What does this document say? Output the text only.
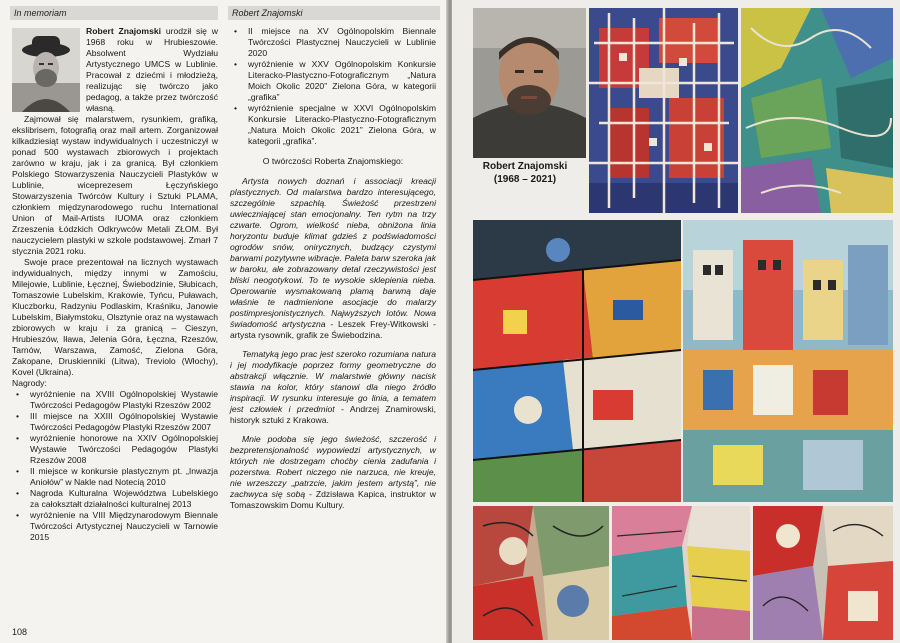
In memoriam	Robert Znajomski

Robert Znajomski urodził się w 1968 roku w Hrubieszowie. Absolwent Wydziału Artystycznego UMCS w Lublinie. Pracował z dziećmi i młodzieżą, realizując się twórczo jako pedagog, a także przez twórczość własną.

Zajmował się malarstwem, rysunkiem, grafiką, ekslibrisem, fotografią oraz mail artem. Zorganizował kilkadziesiąt wystaw indywidualnych i uczestniczył w ponad 500 wystawach zbiorowych i projektach zarówno w kraju, jak i za granicą. Był członkiem Polskiego Stowarzyszenia Nauczycieli Plastyków w Lublinie, wiceprezesem Łęczyńskiego Stowarzyszenia Twórców Kultury i Sztuki PLAMA, członkiem międzynarodowego ruchu International Union of Mail-Artists IUOMA oraz członkiem Zrzeszenia Łódzkich Odkrywców Metali ZŁOM. Był nauczycielem plastyki w szkole podstawowej. Zmarł 7 stycznia 2021 roku.

Swoje prace prezentował na licznych wystawach indywidualnych, między innymi w Zamościu, Milejowie, Lublinie, Łęcznej, Świebodzinie, Słubicach, Tomaszowie Lubelskim, Krakowie, Tyńcu, Puławach, Kluczborku, Radzyniu Podlaskim, Kraśniku, Janowie Lubelskim, Białymstoku, Olsztynie oraz na wystawach zbiorowych w kraju i za granicą – Cieszyn, Hrubieszów, Iława, Jelenia Góra, Łęczna, Rzeszów, Tarnów, Warszawa, Zamość, Zielona Góra, Zakopane, Druskienniki (Litwa), Treviolo (Włochy), Kovel (Ukraina).

Nagrody:

• wyróżnienie na XVIII Ogólnopolskiej Wystawie Twórczości Pedagogów Plastyki Rzeszów 2002
• III miejsce na XXIII Ogólnopolskiej Wystawie Twórczości Pedagogów Plastyki Rzeszów 2007
• wyróżnienie honorowe na XXIV Ogólnopolskiej Wystawie Twórczości Pedagogów Plastyki Rzeszów 2008
• II miejsce w konkursie plastycznym pt. „Inwazja Aniołów” w Nakle nad Notecią 2010
• Nagroda Kulturalna Województwa Lubelskiego za całokształt działalności kulturalnej 2013
• wyróżnienie na VIII Międzynarodowym Biennale Twórczości Artystycznej Nauczycieli w Tarnowie 2015
• II miejsce na XV Ogólnopolskim Biennale Twórczości Plastycznej Nauczycieli w Lublinie 2020
• wyróżnienie w XXV Ogólnopolskim Konkursie Literacko-Plastyczno-Fotograficznym „Natura Moich Okolic 2020” Zielona Góra, w kategorii „grafika”
• wyróżnienie specjalne w XXVI Ogólnopolskim Konkursie Literacko-Plastyczno-Fotograficznym „Natura Moich Okolic 2021” Zielona Góra, w kategorii „grafika”.

O twórczości Roberta Znajomskiego:

Artysta nowych doznań i associacji kreacji plastycznych. Od malarstwa bardzo interesującego, szczególnie szpachlą. Świeżość przestrzeni uwieczniającej stan emocjonalny. Ten rytm na trzy czwarte. Ogrom, wielkość nieba, obniżona linia horyzontu buduje klimat gdzieś z podświadomości ogrodów snów, onirycznych, budzący czystymi barwami pozytywne wibracje. Paleta barw szeroka jak w baroku, ale zobrazowany detal rzeczywistości jest bliski neogotykowi. To te wysokie sklepienia nieba. Operowanie wysmakowaną plamą barwną daje właśnie te nadmienione asocjacje do malarzy postimpresjonistycznych. Najwyższych lotów. Nowa świadomość artystyczna - Leszek Frey-Witkowski - artysta rysownik, grafik ze Świebodzina.

Tematyką jego prac jest szeroko rozumiana natura i jej modyfikacje poprzez formy geometryczne do abstrakcji włącznie. W malarstwie główny nacisk stawia na kolor, który stanowi dla niego źródło inspiracji. W rysunku interesuje go linia, a tematem jest człowiek i przedmiot - Andrzej Znamirowski, historyk sztuki z Krakowa.

Mnie podoba się jego świeżość, szczerość i bezpretensjonalność wypowiedzi artystycznych, w których nie dostrzegam choćby cienia zadufania i pozerstwa. Robert niczego nie narzuca, nie kreuje, nie wrzeszczy „patrzcie, jakim jestem artystą”, nie zachwyca się sobą - Zdzisława Kapica, instruktor w Tomaszowskim Domu Kultury.

108
Robert Znajomski
(1968 – 2021)
